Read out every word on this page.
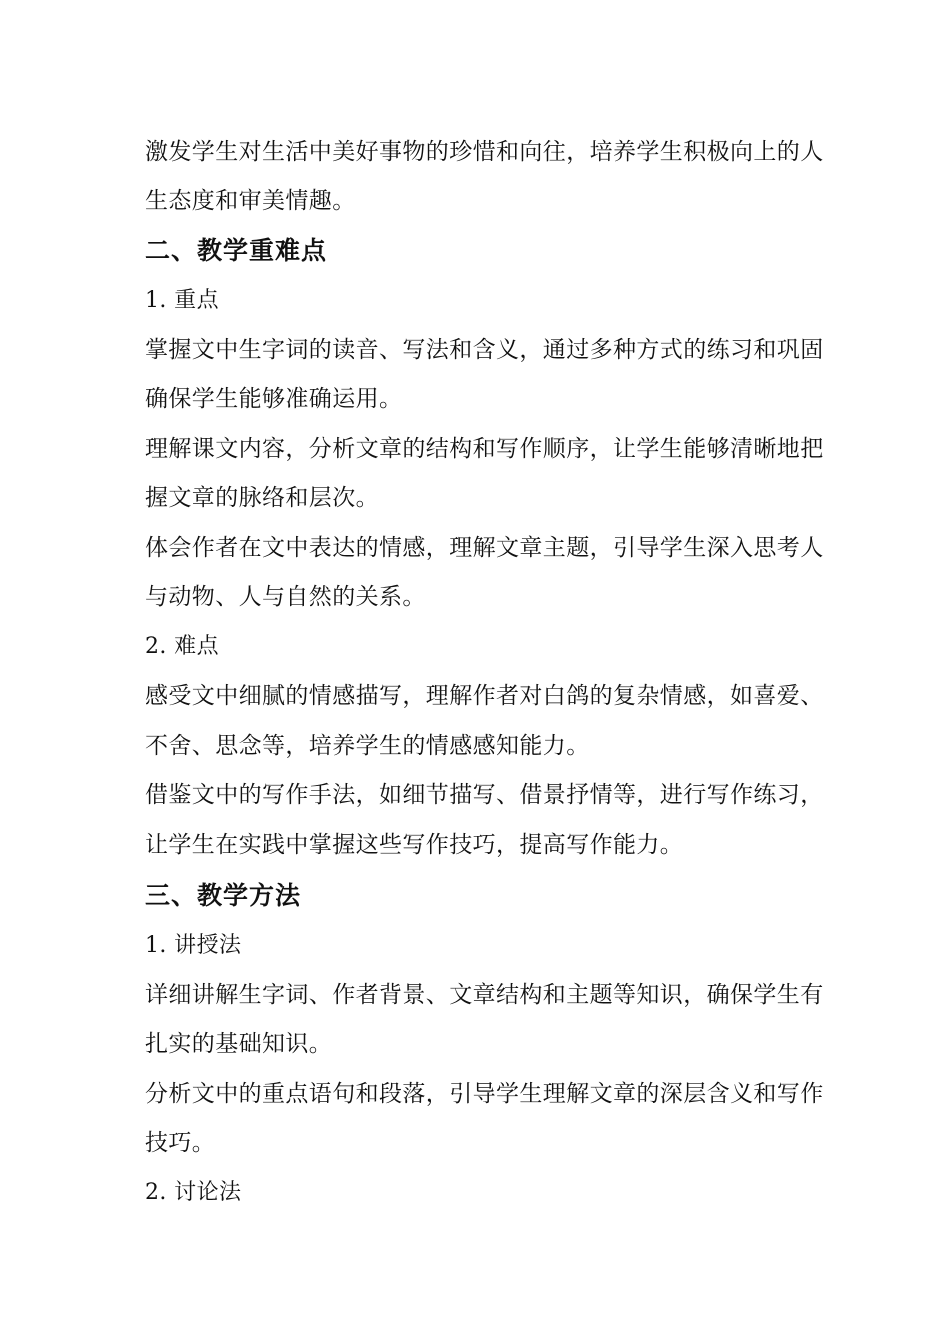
激发学生对生活中美好事物的珍惜和向往，培养学生积极向上的人
生态度和审美情趣。
二、教学重难点
1. 重点
掌握文中生字词的读音、写法和含义，通过多种方式的练习和巩固
确保学生能够准确运用。
理解课文内容，分析文章的结构和写作顺序，让学生能够清晰地把
握文章的脉络和层次。
体会作者在文中表达的情感，理解文章主题，引导学生深入思考人
与动物、人与自然的关系。
2. 难点
感受文中细腻的情感描写，理解作者对白鸽的复杂情感，如喜爱、
不舍、思念等，培养学生的情感感知能力。
借鉴文中的写作手法，如细节描写、借景抒情等，进行写作练习，
让学生在实践中掌握这些写作技巧，提高写作能力。
三、教学方法
1. 讲授法
详细讲解生字词、作者背景、文章结构和主题等知识，确保学生有
扎实的基础知识。
分析文中的重点语句和段落，引导学生理解文章的深层含义和写作
技巧。
2. 讨论法
